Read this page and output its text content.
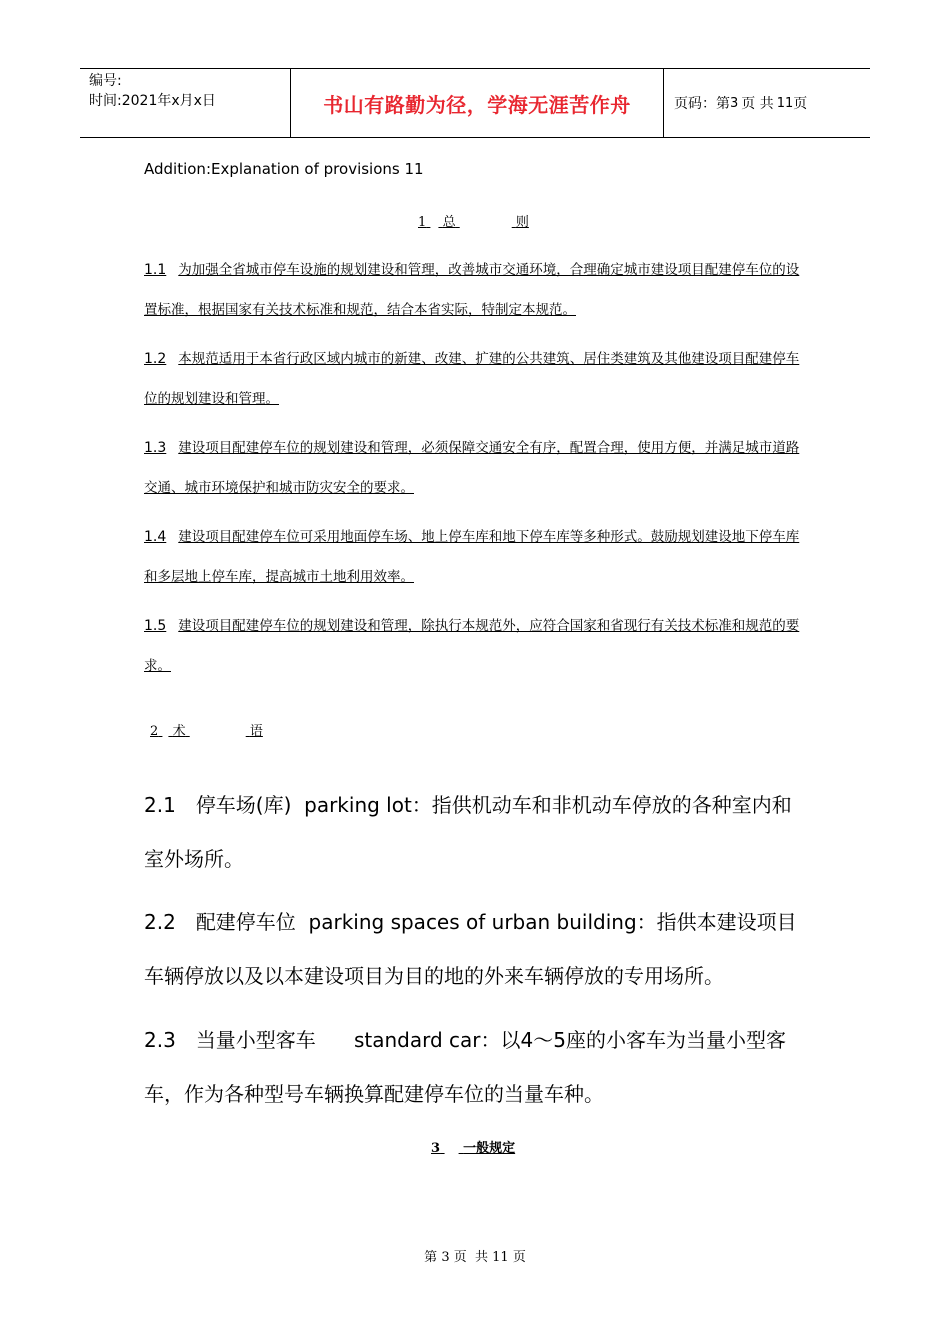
编号:
时间:2021年x月x日	书山有路勤为径，学海无涯苦作舟	页码：第 3 页 共 11 页
Addition:Explanation of provisions 11
1 总	则
1.1 为加强全省城市停车设施的规划建设和管理，改善城市交通环境，合理确定城市建设项目配建停车位的设置标准，根据国家有关技术标准和规范，结合本省实际，特制定本规范。
1.2 本规范适用于本省行政区域内城市的新建、改建、扩建的公共建筑、居住类建筑及其他建设项目配建停车位的规划建设和管理。
1.3 建设项目配建停车位的规划建设和管理，必须保障交通安全有序，配置合理，使用方便，并满足城市道路交通、城市环境保护和城市防灾安全的要求。
1.4 建设项目配建停车位可采用地面停车场、地上停车库和地下停车库等多种形式。鼓励规划建设地下停车库和多层地上停车库，提高城市土地利用效率。
1.5 建设项目配建停车位的规划建设和管理，除执行本规范外，应符合国家和省现行有关技术标准和规范的要求。
2 术	语
2.1 停车场(库)  parking lot：指供机动车和非机动车停放的各种室内和室外场所。
2.2 配建停车位  parking spaces of urban building：指供本建设项目车辆停放以及以本建设项目为目的地的外来车辆停放的专用场所。
2.3 当量小型客车      standard car：以4～5座的小客车为当量小型客车，作为各种型号车辆换算配建停车位的当量车种。
3 一般规定
第 3 页  共 11 页
